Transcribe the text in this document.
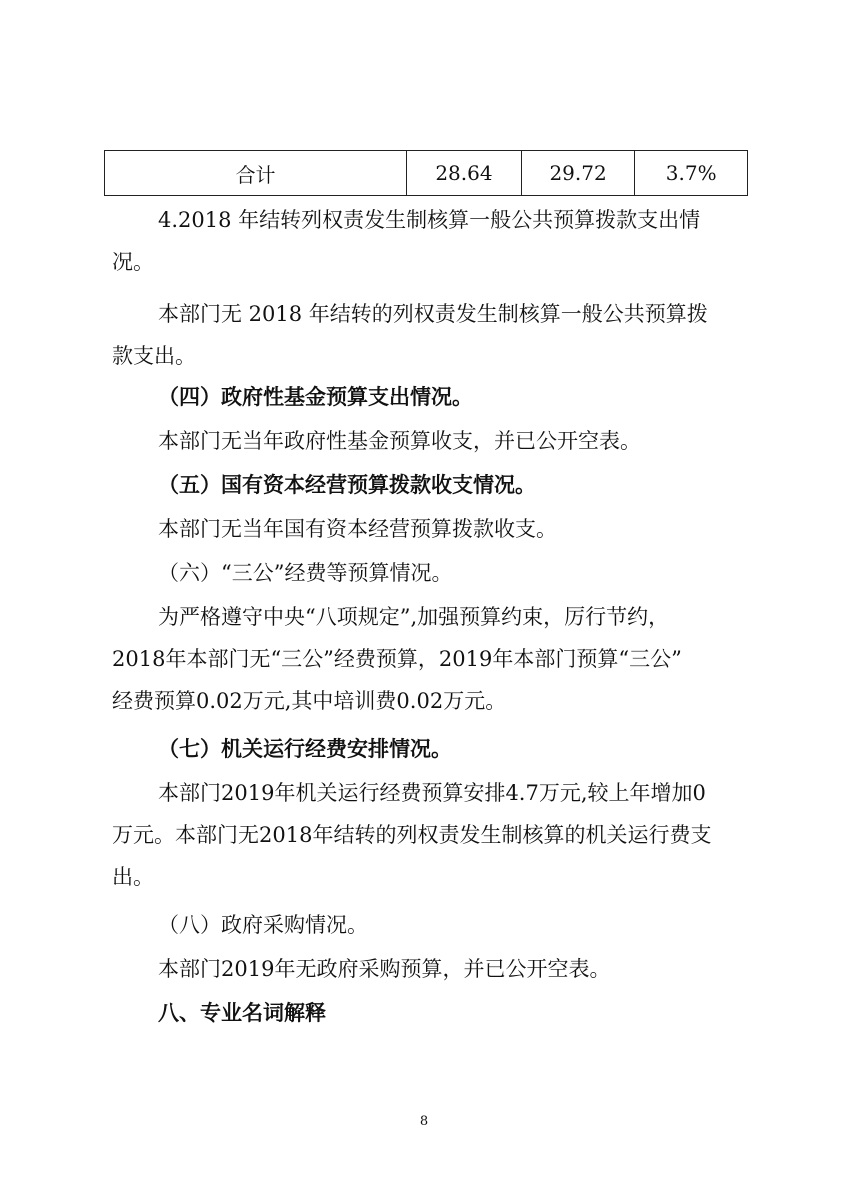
合计	28.64	29.72	3.7%
4.2018 年结转列权责发生制核算一般公共预算拨款支出情
况。
本部门无 2018 年结转的列权责发生制核算一般公共预算拨
款支出。
（四）政府性基金预算支出情况。
本部门无当年政府性基金预算收支，并已公开空表。
（五）国有资本经营预算拨款收支情况。
本部门无当年国有资本经营预算拨款收支。
（六）“三公”经费等预算情况。
为严格遵守中央“八项规定”,加强预算约束，厉行节约，
2018年本部门无“三公”经费预算，2019年本部门预算“三公”
经费预算0.02万元,其中培训费0.02万元。
（七）机关运行经费安排情况。
本部门2019年机关运行经费预算安排4.7万元,较上年增加0
万元。本部门无2018年结转的列权责发生制核算的机关运行费支
出。
（八）政府采购情况。
本部门2019年无政府采购预算，并已公开空表。
八、专业名词解释
8
